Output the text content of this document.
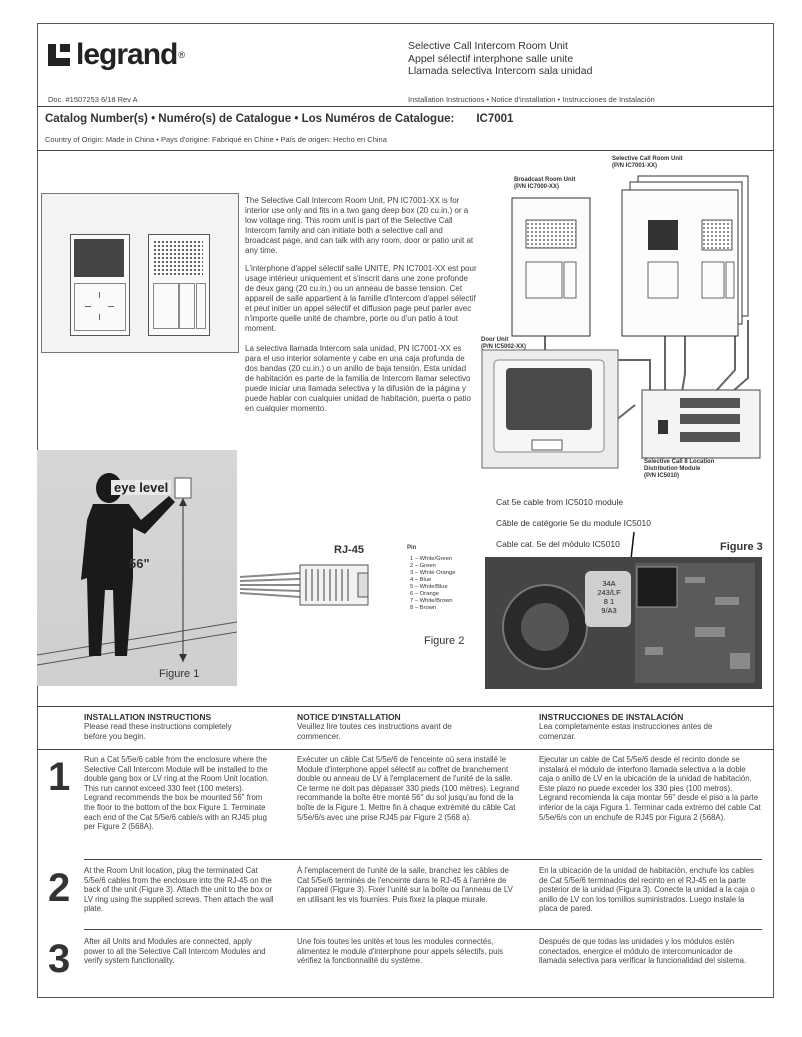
legrand ®
Selective Call Intercom Room Unit
Appel sélectif interphone salle unite
Llamada selectiva Intercom sala unidad
Doc. #1507253 6/18 Rev A	Installation Instructions • Notice d'installation • Instrucciones de Instalación
Catalog Number(s) • Numéro(s) de Catalogue • Los Numéros de Catalogue: IC7001
Country of Origin: Made in China • Pays d'origine: Fabriqué en Chine • País de origen: Hecho en China
The Selective Call Intercom Room Unit, PN IC7001-XX is for interior use only and fits in a two gang deep box (20 cu.in.) or a low voltage ring. This room unit is part of the Selective Call Intercom family and can initiate both a selective call and broadcast page, and can talk with any room, door or patio unit at any time.
L'interphone d'appel sélectif salle UNITE, PN IC7001-XX est pour usage intérieur uniquement et s'inscrit dans une zone profonde de deux gang (20 cu.in.) ou un anneau de basse tension. Cet appareil de salle appartient à la famille d'Intercom d'appel sélectif et peut initier un appel sélectif et diffusion page peut parler avec n'importe quelle unité de chambre, porte ou d'un patio à tout moment.
La selectiva llamada Intercom sala unidad, PN IC7001-XX es para el uso interior solamente y cabe en una caja profunda de dos bandas (20 cu.in.) o un anillo de baja tensión. Esta unidad de habitación es parte de la familia de Intercom llamar selectivo puede iniciar una llamada selectiva y la difusión de la página y puede hablar con cualquier unidad de habitación, puerta o patio en cualquier momento.
Broadcast Room Unit
(P/N IC7000-XX)
Selective Call Room Unit
(P/N IC7001-XX)
Door Unit
(P/N IC5002-XX)
Selective Call 8 Location
Distribution Module
(P/N IC5010)
eye level
56"
Figure 1
RJ-45	Pin
1 – White/Green
2 – Green
3 – White Orange
4 – Blue
5 – White/Blue
6 – Orange
7 – White/Brown
8 – Brown
Figure 2
Cat 5e cable from IC5010 module
Câble de catégorie 5e du module IC5010
Cable cat. 5e del módulo IC5010	Figure 3
34A
243/LF
8 1
9/A3
INSTALLATION INSTRUCTIONS
Please read these instructions completely before you begin.
NOTICE D'INSTALLATION
Veuillez lire toutes ces instructions avant de commencer.
INSTRUCCIONES DE INSTALACIÓN
Lea completamente estas instrucciones antes de comenzar.
1 Run a Cat 5/5e/6 cable from the enclosure where the Selective Call Intercom Module will be installed to the double gang box or LV ring at the Room Unit location. This run cannot exceed 330 feet (100 meters). Legrand recommends the box be mounted 56" from the floor to the bottom of the box Figure 1. Terminate each end of the Cat 5/5e/6 cable/s with an RJ45 plug per Figure 2 (568A).
Exécuter un câble Cat 5/5e/6 de l'enceinte où sera installé le Module d'interphone appel sélectif au coffret de branchement double ou anneau de LV à l'emplacement de l'unité de la salle. Ce terme ne doit pas dépasser 330 pieds (100 mètres). Legrand recommande la boîte être monté 56" du sol jusqu'au fond de la boîte de la Figure 1. Mettre fin à chaque extrémité du câble Cat 5/5e/6/s avec une prise RJ45 par Figure 2 (568 a).
Ejecutar un cable de Cat 5/5e/6 desde el recinto donde se instalará el módulo de interfono llamada selectiva a la doble caja o anillo de LV en la ubicación de la unidad de habitación. Este plazo no puede exceder los 330 pies (100 metros). Legrand recomienda la caja montar 56" desde el piso a la parte inferior de la caja Figura 1. Terminar cada extremo del cable Cat 5/5e/6/s con un enchufe de RJ45 por Figura 2 (568A).
2 At the Room Unit location, plug the terminated Cat 5/5e/6 cables from the enclosure into the RJ-45 on the back of the unit (Figure 3). Attach the unit to the box or LV ring using the supplied screws. Then attach the wall plate.
À l'emplacement de l'unité de la salle, branchez les câbles de Cat 5/5e/6 terminés de l'enceinte dans le RJ-45 à l'arrière de l'appareil (Figure 3). Fixer l'unité sur la boîte ou l'anneau de LV en utilisant les vis fournies. Puis fixez la plaque murale.
En la ubicación de la unidad de habitación, enchufe los cables de Cat 5/5e/6 terminados del recinto en el RJ-45 en la parte posterior de la unidad (Figura 3). Conecte la unidad a la caja o anillo de LV con los tornillos suministrados. Luego instale la placa de pared.
3 After all Units and Modules are connected, apply power to all the Selective Call Intercom Modules and verify system functionality.
Une fois toutes les unités et tous les modules connectés, alimentez le module d'interphone pour appels sélectifs, puis vérifiez la fonctionnalité du système.
Después de que todas las unidades y los módulos estén conectados, energice el módulo de intercomunicador de llamada selectiva para verificar la funcionalidad del sistema.
